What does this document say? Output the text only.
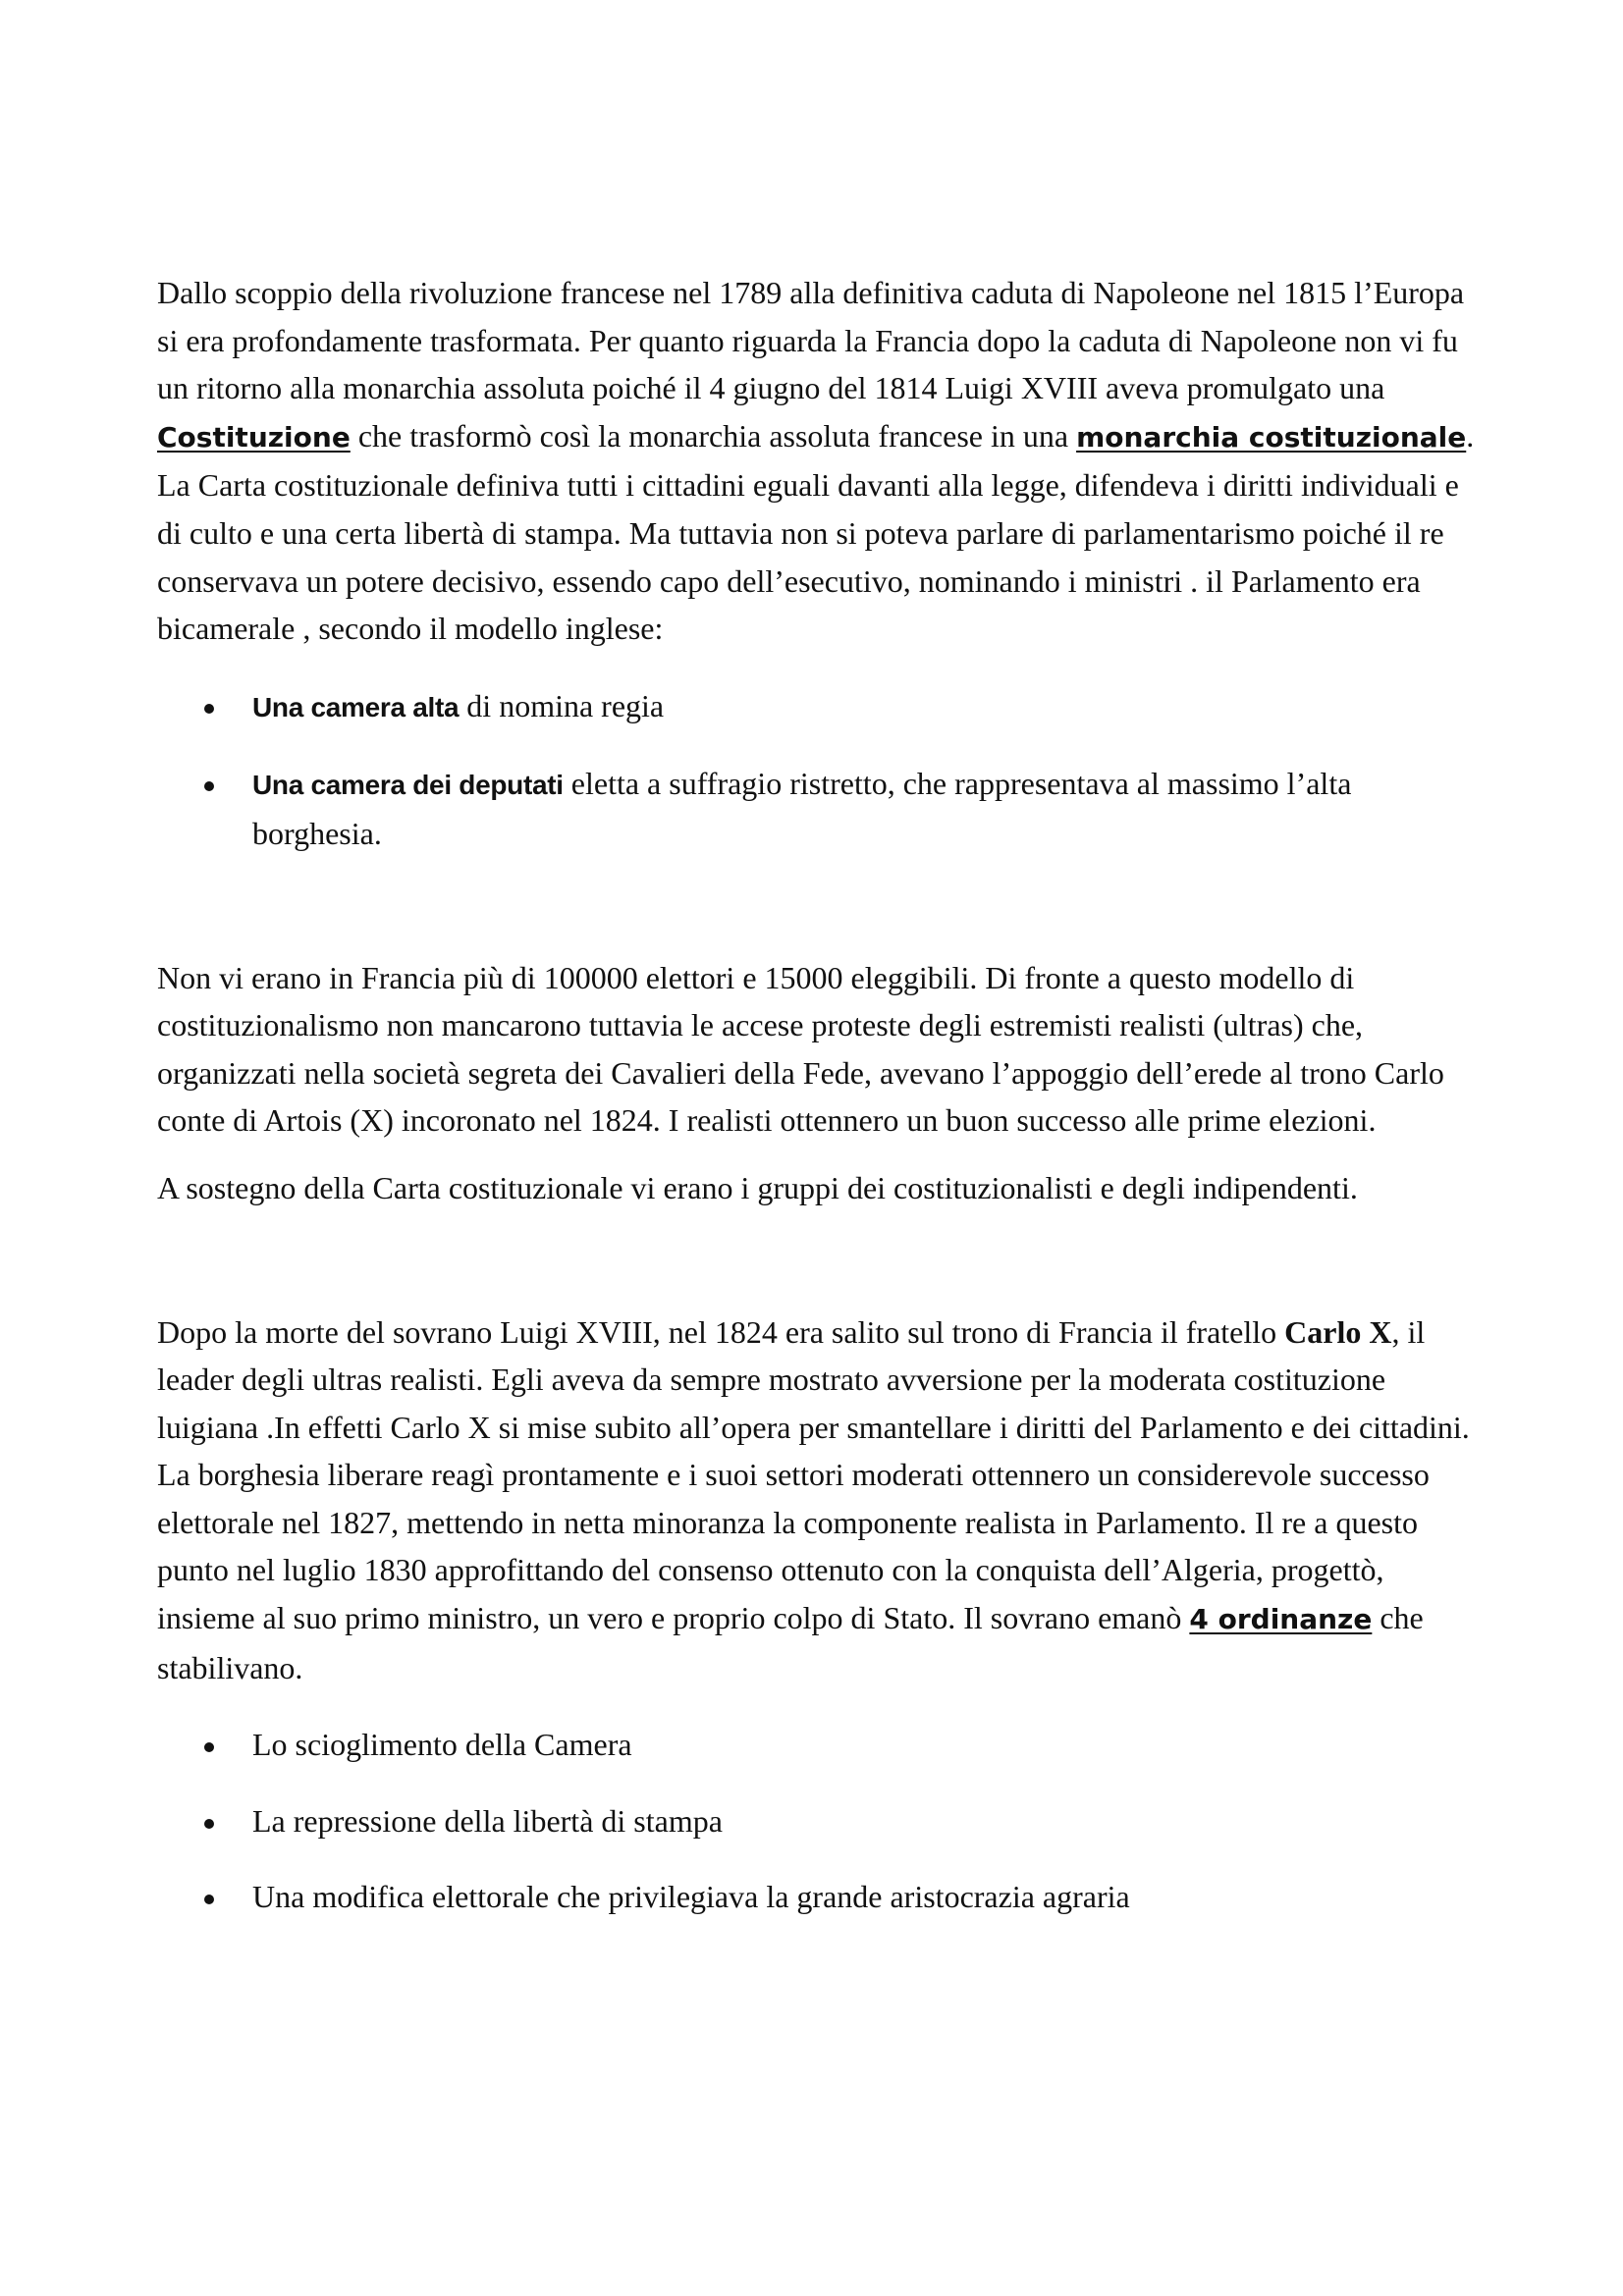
Dallo scoppio della rivoluzione francese nel 1789 alla definitiva caduta di Napoleone nel 1815 l’Europa si era profondamente trasformata. Per quanto riguarda la Francia dopo la caduta di Napoleone non vi fu un ritorno alla monarchia assoluta poiché il 4 giugno del 1814 Luigi XVIII aveva promulgato una Costituzione che trasformò così la monarchia assoluta francese in una monarchia costituzionale. La Carta costituzionale definiva tutti i cittadini eguali davanti alla legge, difendeva i diritti individuali e di culto e una certa libertà di stampa. Ma tuttavia non si poteva parlare di parlamentarismo poiché il re conservava un potere decisivo, essendo capo dell’esecutivo, nominando i ministri . il Parlamento era bicamerale , secondo il modello inglese:

Una camera alta di nomina regia
Una camera dei deputati eletta a suffragio ristretto, che rappresentava al massimo l’alta borghesia.

Non vi erano in Francia più di 100000 elettori e 15000 eleggibili. Di fronte a questo modello di costituzionalismo non mancarono tuttavia le accese proteste degli estremisti realisti (ultras) che, organizzati nella società segreta dei Cavalieri della Fede, avevano l’appoggio dell’erede al trono Carlo conte di Artois (X) incoronato nel 1824. I realisti ottennero un buon successo alle prime elezioni.

A sostegno della Carta costituzionale vi erano i gruppi dei costituzionalisti e degli indipendenti.

Dopo la morte del sovrano Luigi XVIII, nel 1824 era salito sul trono di Francia il fratello Carlo X, il leader degli ultras realisti. Egli aveva da sempre mostrato avversione per la moderata costituzione luigiana .In effetti Carlo X si mise subito all’opera per smantellare i diritti del Parlamento e dei cittadini. La borghesia liberare reagì prontamente e i suoi settori moderati ottennero un considerevole successo elettorale nel 1827, mettendo in netta minoranza la componente realista in Parlamento. Il re a questo punto nel luglio 1830 approfittando del consenso ottenuto con la conquista dell’Algeria, progettò, insieme al suo primo ministro, un vero e proprio colpo di Stato. Il sovrano emanò 4 ordinanze che stabilivano.

Lo scioglimento della Camera
La repressione della libertà di stampa
Una modifica elettorale che privilegiava la grande aristocrazia agraria
